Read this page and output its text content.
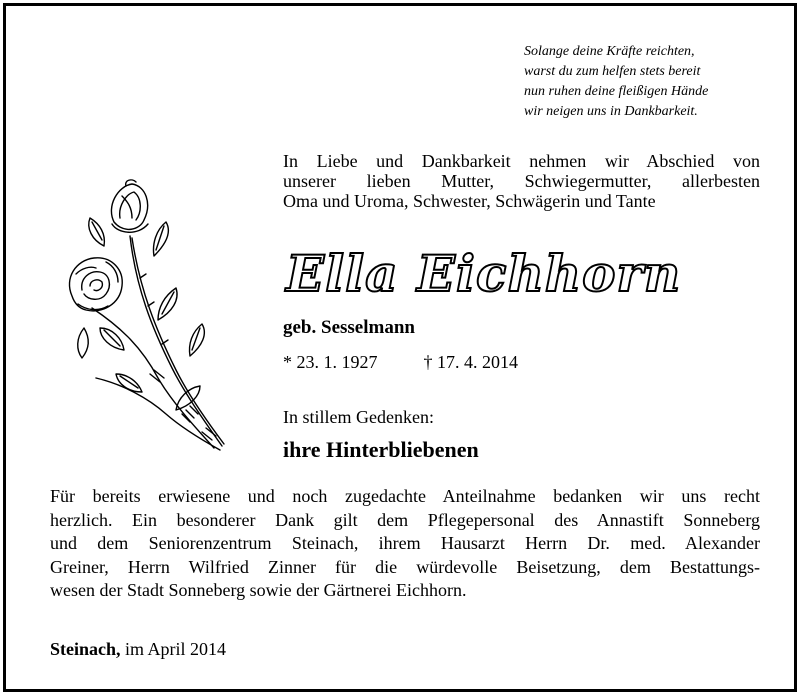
Solange deine Kräfte reichten,
warst du zum helfen stets bereit
nun ruhen deine fleißigen Hände
wir neigen uns in Dankbarkeit.
In Liebe und Dankbarkeit nehmen wir Abschied von
unserer lieben Mutter, Schwiegermutter, allerbesten
Oma und Uroma, Schwester, Schwägerin und Tante
Ella Eichhorn
geb. Sesselmann
* 23. 1. 1927	† 17. 4. 2014
In stillem Gedenken:
ihre Hinterbliebenen
Für bereits erwiesene und noch zugedachte Anteilnahme bedanken wir uns recht
herzlich. Ein besonderer Dank gilt dem Pflegepersonal des Annastift Sonneberg
und dem Seniorenzentrum Steinach, ihrem Hausarzt Herrn Dr. med. Alexander
Greiner, Herrn Wilfried Zinner für die würdevolle Beisetzung, dem Bestattungs-
wesen der Stadt Sonneberg sowie der Gärtnerei Eichhorn.
Steinach, im April 2014
